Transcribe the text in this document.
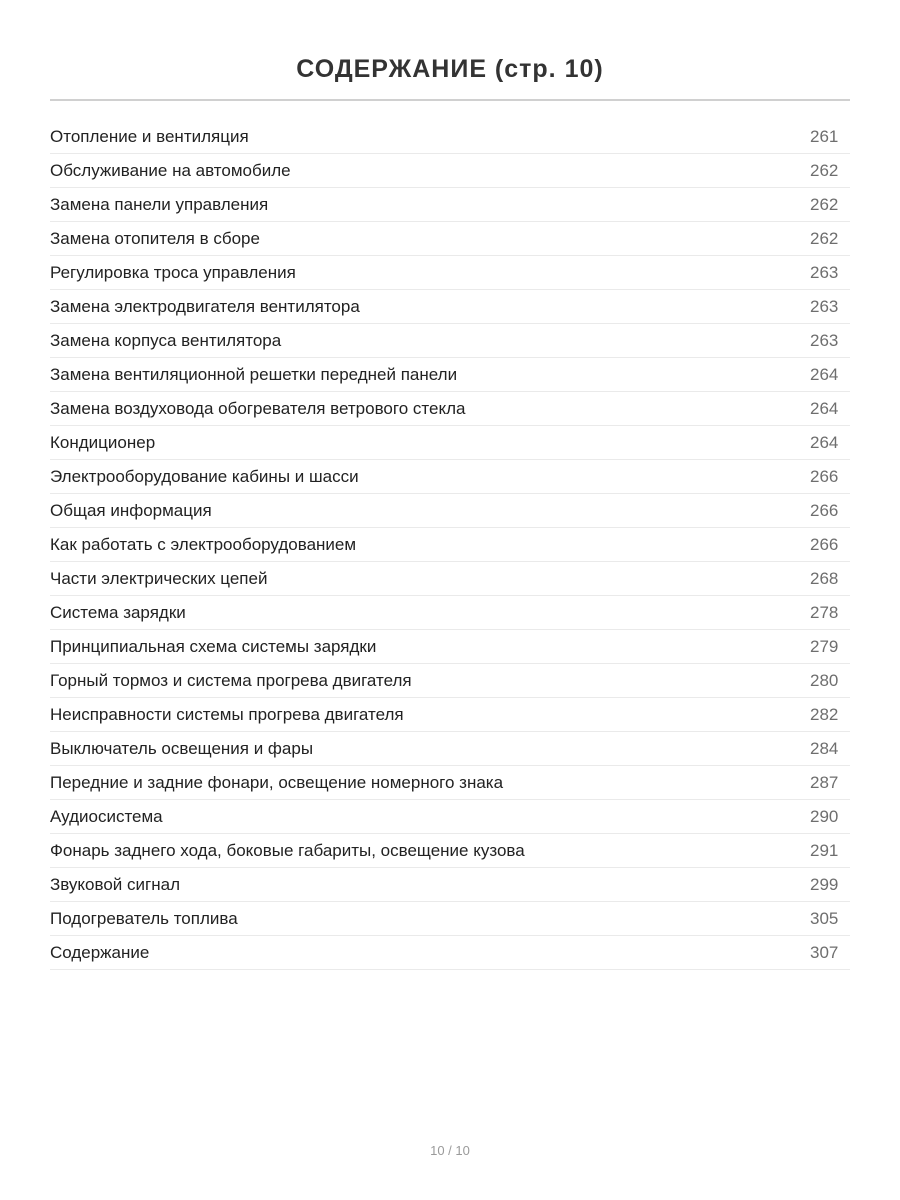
СОДЕРЖАНИЕ (стр. 10)
Отопление и вентиляция	261
Обслуживание на автомобиле	262
Замена панели управления	262
Замена отопителя в сборе	262
Регулировка троса управления	263
Замена электродвигателя вентилятора	263
Замена корпуса вентилятора	263
Замена вентиляционной решетки передней панели	264
Замена воздуховода обогревателя ветрового стекла	264
Кондиционер	264
Электрооборудование кабины и шасси	266
Общая информация	266
Как работать с электрооборудованием	266
Части электрических цепей	268
Система зарядки	278
Принципиальная схема системы зарядки	279
Горный тормоз и система прогрева двигателя	280
Неисправности системы прогрева двигателя	282
Выключатель освещения и фары	284
Передние и задние фонари, освещение номерного знака	287
Аудиосистема	290
Фонарь заднего хода, боковые габариты, освещение кузова	291
Звуковой сигнал	299
Подогреватель топлива	305
Содержание	307
10 / 10
